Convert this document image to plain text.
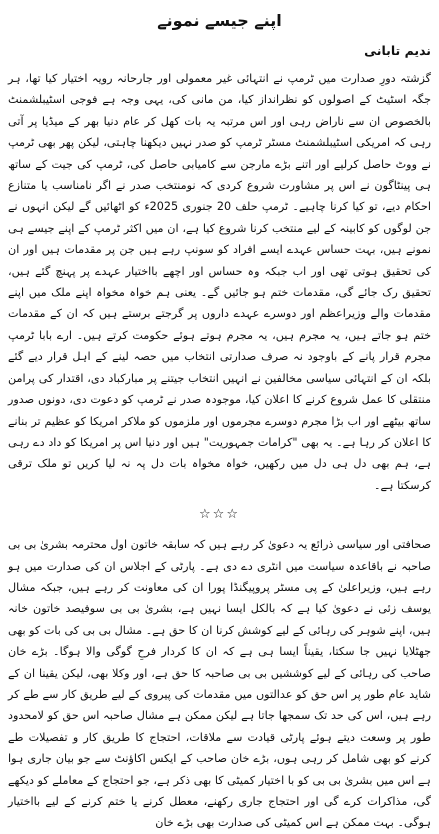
اپنے جیسے نمونے
ندیم تابانی

گزشتہ دورِ صدارت میں ٹرمپ نے انتہائی غیر معمولی اور جارحانہ رویہ اختیار کیا تھا، ہر جگہ اسٹیٹ کے اصولوں کو نظرانداز کیا، من مانی کی، یہی وجہ ہے فوجی اسٹیبلشمنٹ بالخصوص ان سے ناراض رہی اور اس مرتبہ یہ بات کھل کر عام دنیا بھر کے میڈیا پر آتی رہی کہ امریکی اسٹیبلشمنٹ مسٹر ٹرمپ کو صدر نہیں دیکھنا چاہتی، لیکن پھر بھی ٹرمپ نے ووٹ حاصل کرلیے اور اتنے بڑے مارجن سے کامیابی حاصل کی، ٹرمپ کی جیت کے ساتھ ہی پینٹاگون نے اس پر مشاورت شروع کردی کہ نومنتخب صدر نے اگر نامناسب یا متنازع احکام دیے، تو کیا کرنا چاہیے۔ ٹرمپ حلف 20 جنوری 2025ء کو اٹھائیں گے لیکن انہوں نے جن لوگوں کو کابینہ کے لیے منتخب کرنا شروع کیا ہے، ان میں اکثر ٹرمپ کے اپنے جیسے ہی نمونے ہیں، بہت حساس عہدے ایسے افراد کو سونپ رہے ہیں جن پر مقدمات ہیں اور ان کی تحقیق ہوتی تھی اور اب جبکہ وہ حساس اور اچھے بااختیار عہدے پر پہنچ گئے ہیں، تحقیق رک جائے گی، مقدمات ختم ہو جائیں گے۔ یعنی ہم خواہ مخواہ اپنے ملک میں اپنے مقدمات والے وزیراعظم اور دوسرے عہدے داروں پر گرجتے برستے ہیں کہ ان کے مقدمات ختم ہو جاتے ہیں، یہ مجرم ہیں، یہ مجرم ہوتے ہوئے حکومت کرتے ہیں۔ ارے بابا ٹرمپ مجرم قرار پانے کے باوجود نہ صرف صدارتی انتخاب میں حصہ لینے کے اہل قرار دیے گئے بلکہ ان کے انتہائی سیاسی مخالفین نے انہیں انتخاب جیتنے پر مبارکباد دی، اقتدار کی پرامن منتقلی کا عمل شروع کرنے کا اعلان کیا، موجودہ صدر نے ٹرمپ کو دعوت دی، دونوں صدور ساتھ بیٹھے اور اب بڑا مجرم دوسرے مجرموں اور ملزموں کو ملاکر امریکا کو عظیم تر بنانے کا اعلان کر رہا ہے۔ یہ بھی "کرامات جمہوریت" ہیں اور دنیا اس پر امریکا کو داد دے رہی ہے، ہم بھی دل ہی دل میں رکھیں، خواہ مخواہ بات دل پہ نہ لیا کریں تو ملک ترقی کرسکتا ہے۔

☆☆☆

صحافتی اور سیاسی ذرائع یہ دعویٰ کر رہے ہیں کہ سابقہ خاتون اول محترمہ بشریٰ بی بی صاحبہ نے باقاعدہ سیاست میں انٹری دے دی ہے۔ پارٹی کے اجلاس ان کی صدارت میں ہو رہے ہیں، وزیراعلیٰ کے پی مسٹر پروپیگنڈا پورا ان کی معاونت کر رہے ہیں، جبکہ مشال یوسف زئی نے دعویٰ کیا ہے کہ بالکل ایسا نہیں ہے، بشریٰ بی بی سوفیصد خاتون خانہ ہیں، اپنے شوہر کی رہائی کے لیے کوشش کرنا ان کا حق ہے۔ مشال بی بی کی بات کو بھی جھٹلایا نہیں جا سکتا، یقیناً ایسا ہی ہے کہ ان کا کردار فرحِ گوگی والا ہوگا۔ بڑے خان صاحب کی رہائی کے لیے کوششیں بی بی صاحبہ کا حق ہے، اور وکلا بھی، لیکن یقینا ان کے شاید عام طور پر اس حق کو عدالتوں میں مقدمات کی پیروی کے لیے طریق کار سے طے کر رہے ہیں، اس کی حد تک سمجھا جاتا ہے لیکن ممکن ہے مشال صاحبہ اس حق کو لامحدود طور پر وسعت دیتے ہوئے پارٹی قیادت سے ملاقات، احتجاج کا طریق کار و تفصیلات طے کرنے کو بھی شامل کر رہی ہوں، بڑے خان صاحب کے ایکس اکاؤنٹ سے جو بیان جاری ہوا ہے اس میں بشریٰ بی بی کو با اختیار کمیٹی کا بھی ذکر ہے، جو احتجاج کے معاملے کو دیکھے گی، مذاکرات کرے گی اور احتجاج جاری رکھنے، معطل کرنے یا ختم کرنے کے لیے بااختیار ہوگی۔ بہت ممکن ہے اس کمیٹی کی صدارت بھی بڑے خان
